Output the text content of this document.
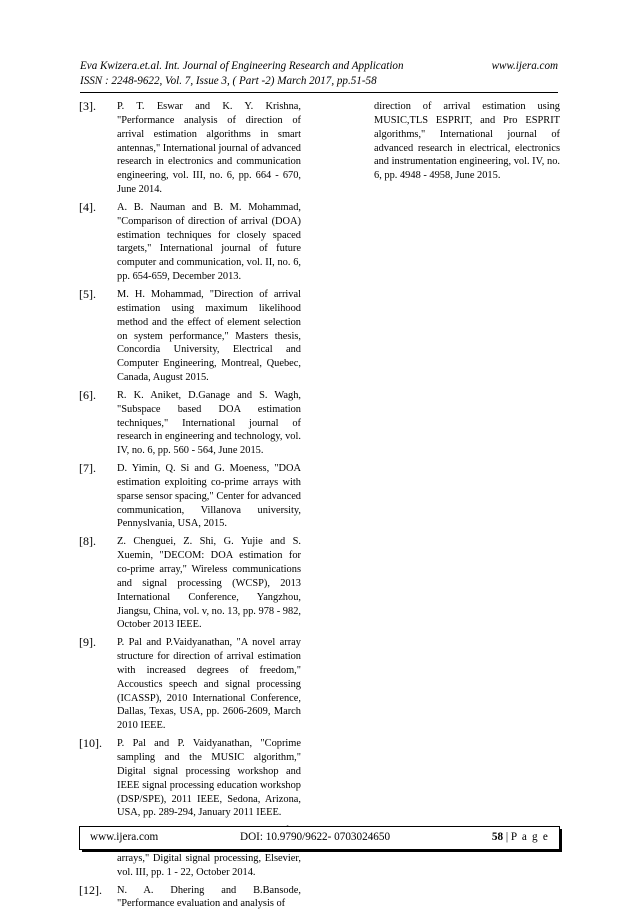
Eva Kwizera.et.al. Int. Journal of Engineering Research and Application	www.ijera.com
ISSN : 2248-9622, Vol. 7, Issue 3, ( Part -2) March 2017, pp.51-58
[3]. P. T. Eswar and K. Y. Krishna, "Performance analysis of direction of arrival estimation algorithms in smart antennas," International journal of advanced research in electronics and communication engineering, vol. III, no. 6, pp. 664 - 670, June 2014.
[4]. A. B. Nauman and B. M. Mohammad, "Comparison of direction of arrival (DOA) estimation techniques for closely spaced targets," International journal of future computer and communication, vol. II, no. 6, pp. 654-659, December 2013.
[5]. M. H. Mohammad, "Direction of arrival estimation using maximum likelihood method and the effect of element selection on system performance," Masters thesis, Concordia University, Electrical and Computer Engineering, Montreal, Quebec, Canada, August 2015.
[6]. R. K. Aniket, D.Ganage and S. Wagh, "Subspace based DOA estimation techniques," International journal of research in engineering and technology, vol. IV, no. 6, pp. 560 - 564, June 2015.
[7]. D. Yimin, Q. Si and G. Moeness, "DOA estimation exploiting co-prime arrays with sparse sensor spacing," Center for advanced communication, Villanova university, Pennyslvania, USA, 2015.
[8]. Z. Chenguei, Z. Shi, G. Yujie and S. Xuemin, "DECOM: DOA estimation for co-prime array," Wireless communications and signal processing (WCSP), 2013 International Conference, Yangzhou, Jiangsu, China, vol. v, no. 13, pp. 978 - 982, October 2013 IEEE.
[9]. P. Pal and P.Vaidyanathan, "A novel array structure for direction of arrival estimation with increased degrees of freedom," Accoustics speech and signal processing (ICASSP), 2010 International Conference, Dallas, Texas, USA, pp. 2606-2609, March 2010 IEEE.
[10]. P. Pal and P. Vaidyanathan, "Coprime sampling and the MUSIC algorithm," Digital signal processing workshop and IEEE signal processing education workshop (DSP/SPE), 2011 IEEE, Sedona, Arizona, USA, pp. 289-294, January 2011 IEEE.
arrays," Digital signal processing, Elsevier, vol. III, pp. 1 - 22, October 2014.
[12]. N. A. Dhering and B.Bansode, "Performance evaluation and analysis of
direction of arrival estimation using MUSIC,TLS ESPRIT, and Pro ESPRIT algorithms," International journal of advanced research in electrical, electronics and instrumentation engineering, vol. IV, no. 6, pp. 4948 - 4958, June 2015.
www.ijera.com	DOI: 10.9790/9622- 0703024650	58 | P a g e
